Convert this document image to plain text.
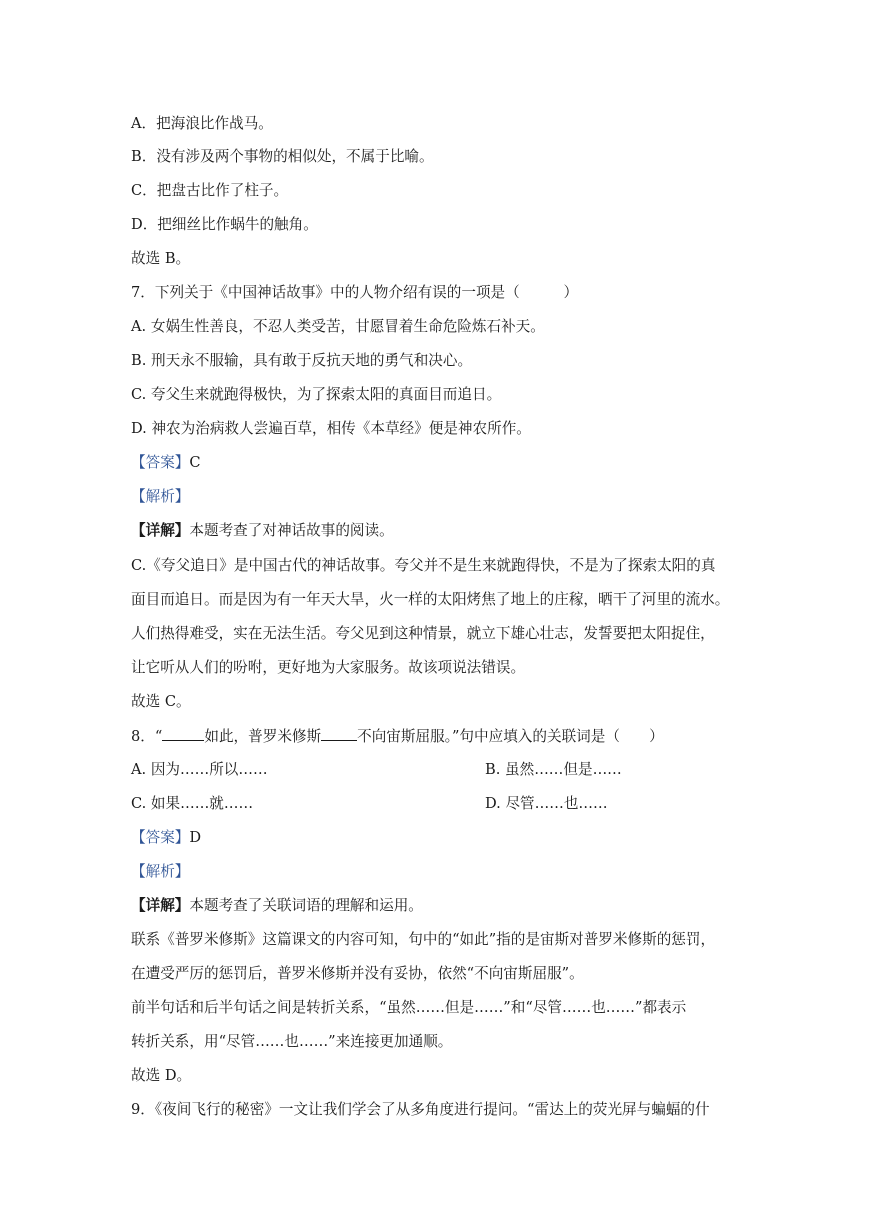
A．把海浪比作战马。
B．没有涉及两个事物的相似处，不属于比喻。
C．把盘古比作了柱子。
D．把细丝比作蜗牛的触角。
故选 B。
7．下列关于《中国神话故事》中的人物介绍有误的一项是（　　　）
A. 女娲生性善良，不忍人类受苦，甘愿冒着生命危险炼石补天。
B. 刑天永不服输，具有敢于反抗天地的勇气和决心。
C. 夸父生来就跑得极快，为了探索太阳的真面目而追日。
D. 神农为治病救人尝遍百草，相传《本草经》便是神农所作。
【答案】C
【解析】
【详解】本题考查了对神话故事的阅读。
C.《夸父追日》是中国古代的神话故事。夸父并不是生来就跑得快，不是为了探索太阳的真
面目而追日。而是因为有一年天大旱，火一样的太阳烤焦了地上的庄稼，晒干了河里的流水。
人们热得难受，实在无法生活。夸父见到这种情景，就立下雄心壮志，发誓要把太阳捉住，
让它听从人们的吩咐，更好地为大家服务。故该项说法错误。
故选 C。
8．“	如此，普罗米修斯 不向宙斯屈服。”句中应填入的关联词是（　　）
A. 因为……所以……	B. 虽然……但是……
C. 如果……就……	D. 尽管……也……
【答案】D
【解析】
【详解】本题考查了关联词语的理解和运用。
联系《普罗米修斯》这篇课文的内容可知，句中的“如此”指的是宙斯对普罗米修斯的惩罚，
在遭受严厉的惩罚后，普罗米修斯并没有妥协，依然“不向宙斯屈服”。
前半句话和后半句话之间是转折关系，“虽然……但是……”和“尽管……也……”都表示
转折关系，用“尽管……也……”来连接更加通顺。
故选 D。
9．《夜间飞行的秘密》一文让我们学会了从多角度进行提问。“雷达上的荧光屏与蝙蝠的什
